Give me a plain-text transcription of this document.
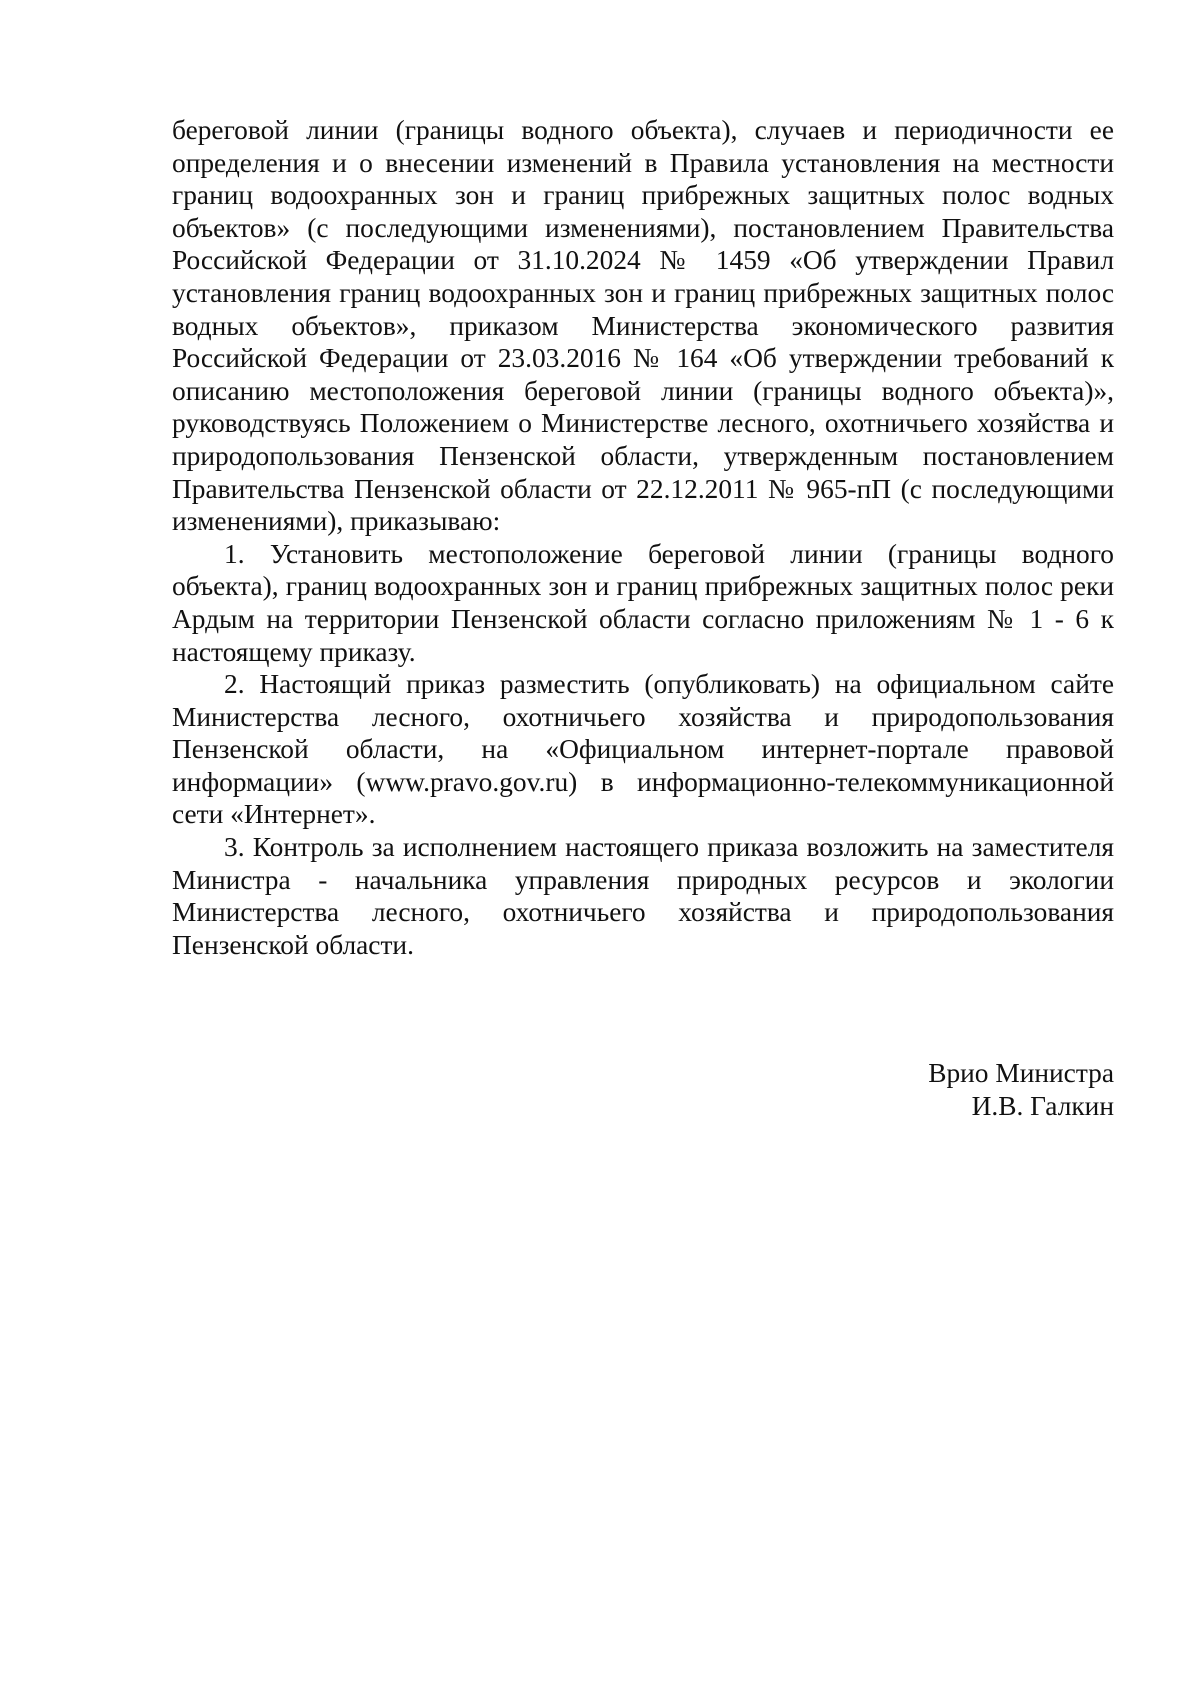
береговой линии (границы водного объекта), случаев и периодичности ее определения и о внесении изменений в Правила установления на местности границ водоохранных зон и границ прибрежных защитных полос водных объектов» (с последующими изменениями), постановлением Правительства Российской Федерации от 31.10.2024 № 1459 «Об утверждении Правил установления границ водоохранных зон и границ прибрежных защитных полос водных объектов», приказом Министерства экономического развития Российской Федерации от 23.03.2016 № 164 «Об утверждении требований к описанию местоположения береговой линии (границы водного объекта)», руководствуясь Положением о Министерстве лесного, охотничьего хозяйства и природопользования Пензенской области, утвержденным постановлением Правительства Пензенской области от 22.12.2011 № 965-пП (с последующими изменениями), приказываю:

1. Установить местоположение береговой линии (границы водного объекта), границ водоохранных зон и границ прибрежных защитных полос реки Ардым на территории Пензенской области согласно приложениям № 1 - 6 к настоящему приказу.

2. Настоящий приказ разместить (опубликовать) на официальном сайте Министерства лесного, охотничьего хозяйства и природопользования Пензенской области, на «Официальном интернет-портале правовой информации» (www.pravo.gov.ru) в информационно-телекоммуникационной сети «Интернет».

3. Контроль за исполнением настоящего приказа возложить на заместителя Министра - начальника управления природных ресурсов и экологии Министерства лесного, охотничьего хозяйства и природопользования Пензенской области.

Врио Министра
И.В. Галкин
